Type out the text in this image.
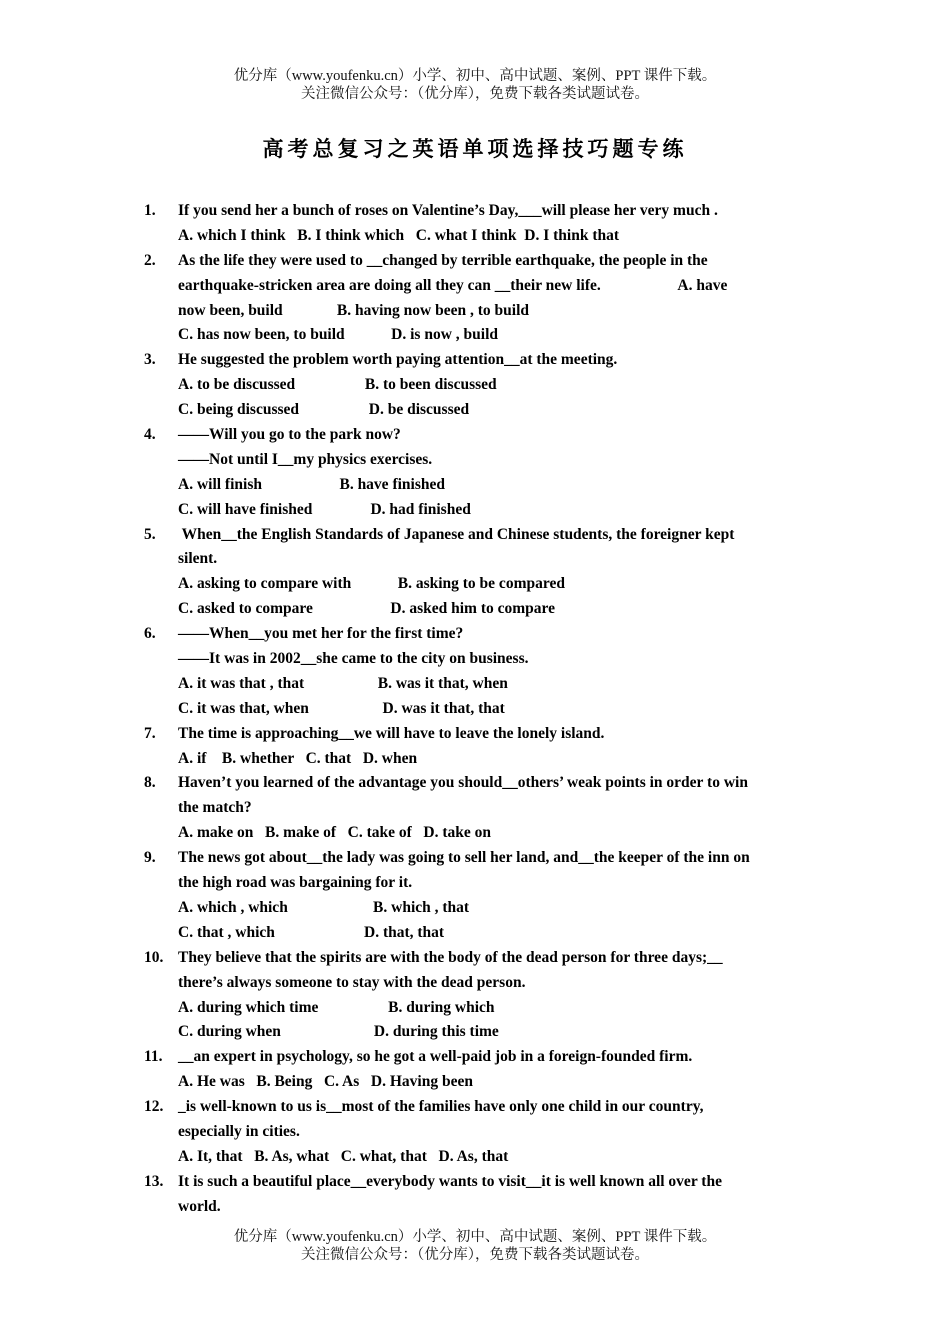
优分库（www.youfenku.cn）小学、初中、高中试题、案例、PPT 课件下载。
关注微信公众号：（优分库），免费下载各类试题试卷。
高考总复习之英语单项选择技巧题专练
1. If you send her a bunch of roses on Valentine’s Day,___will please her very much .
A. which I think   B. I think which   C. what I think  D. I think that
2. As the life they were used to __changed by terrible earthquake, the people in the
earthquake-stricken area are doing all they can __their new life.                    A. have
now been, build              B. having now been , to build
C. has now been, to build            D. is now , build
3. He suggested the problem worth paying attention__at the meeting.
A. to be discussed                  B. to been discussed
C. being discussed                  D. be discussed
4. ——Will you go to the park now?
——Not until I__my physics exercises.
A. will finish                    B. have finished
C. will have finished               D. had finished
5. When__the English Standards of Japanese and Chinese students, the foreigner kept
silent.
A. asking to compare with            B. asking to be compared
C. asked to compare                    D. asked him to compare
6. ——When__you met her for the first time?
——It was in 2002__she came to the city on business.
A. it was that , that                   B. was it that, when
C. it was that, when                   D. was it that, that
7. The time is approaching__we will have to leave the lonely island.
A. if    B. whether   C. that   D. when
8. Haven’t you learned of the advantage you should__others’ weak points in order to win
the match?
A. make on   B. make of   C. take of   D. take on
9. The news got about__the lady was going to sell her land, and__the keeper of the inn on
the high road was bargaining for it.
A. which , which                      B. which , that
C. that , which                       D. that, that
10. They believe that the spirits are with the body of the dead person for three days;__
there’s always someone to stay with the dead person.
A. during which time                  B. during which
C. during when                        D. during this time
11. __an expert in psychology, so he got a well-paid job in a foreign-founded firm.
A. He was   B. Being   C. As   D. Having been
12. _is well-known to us is__most of the families have only one child in our country,
especially in cities.
A. It, that   B. As, what   C. what, that   D. As, that
13. It is such a beautiful place__everybody wants to visit__it is well known all over the
world.
优分库（www.youfenku.cn）小学、初中、高中试题、案例、PPT 课件下载。
关注微信公众号：（优分库），免费下载各类试题试卷。
